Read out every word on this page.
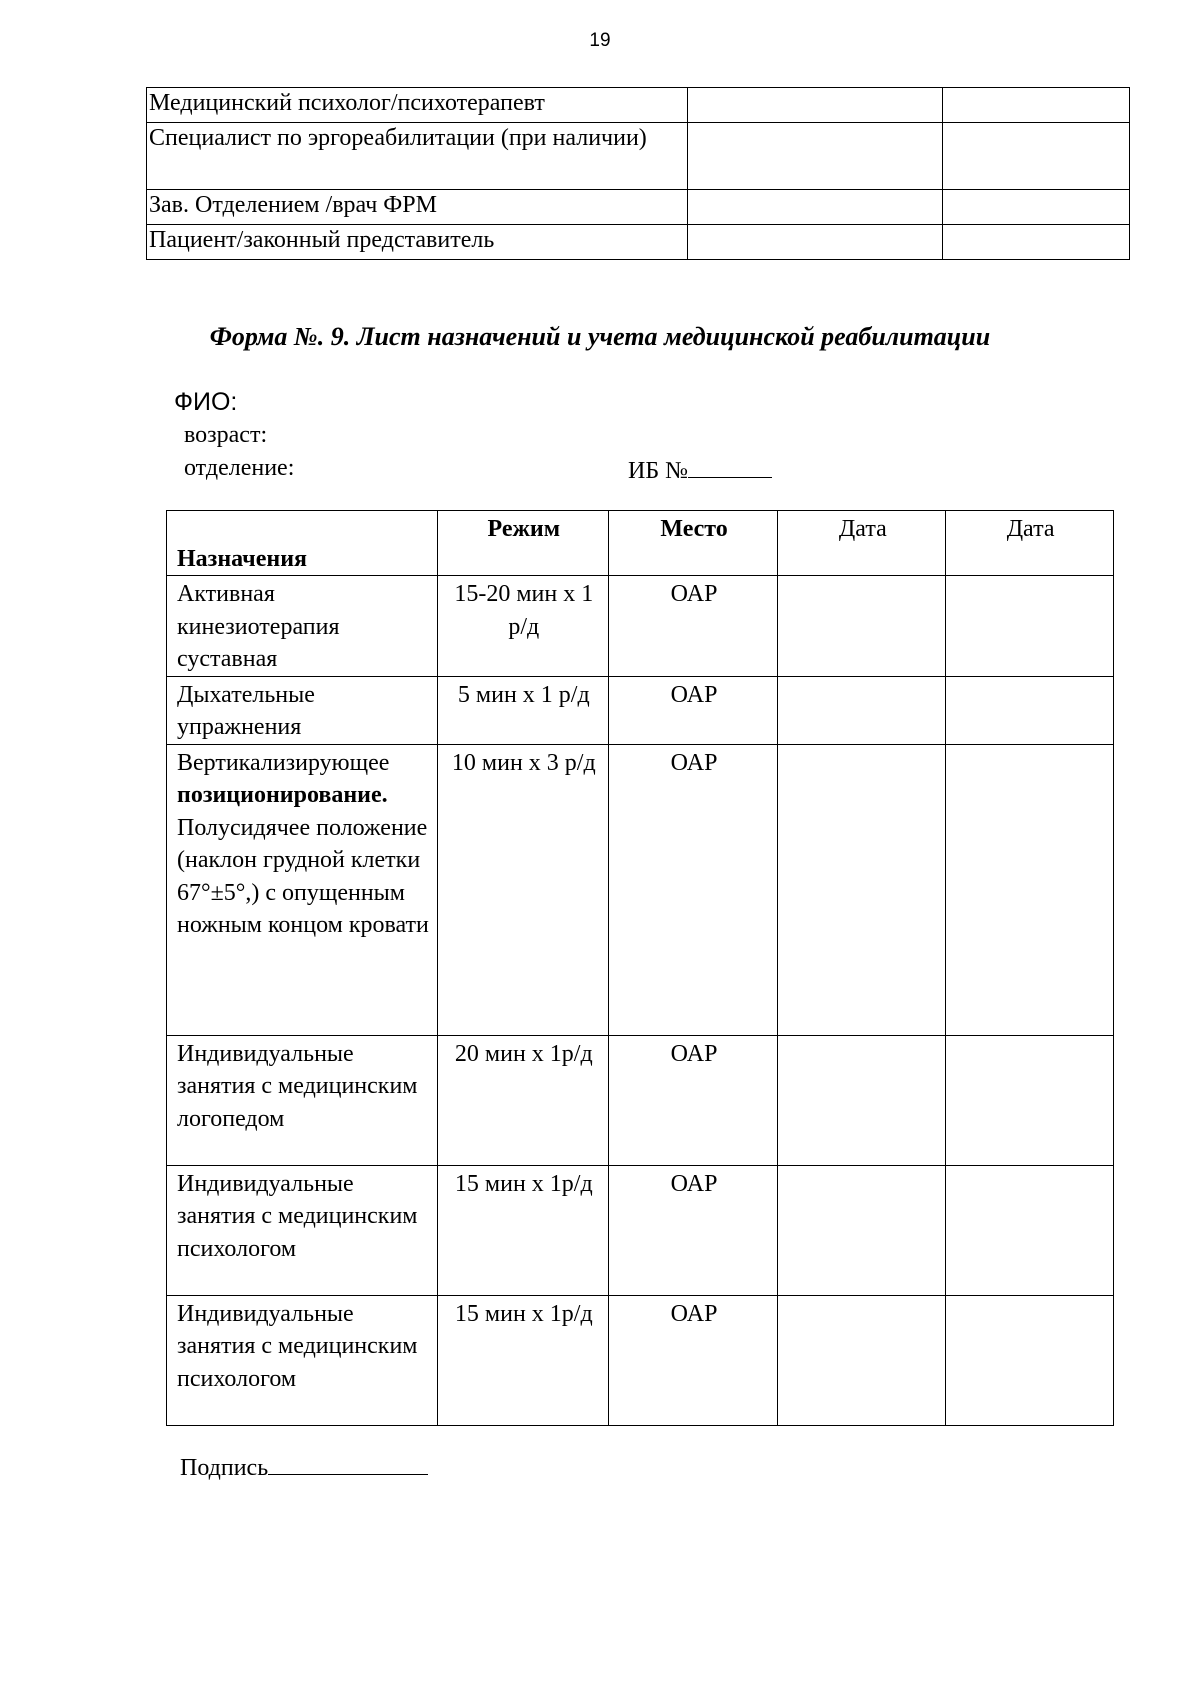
19
Медицинский психолог/психотерапевт		
Специалист по эргореабилитации (при наличии)		
Зав. Отделением /врач ФРМ		
Пациент/законный представитель		
Форма №. 9. Лист назначений и учета медицинской реабилитации
ФИО:
возраст:
отделение:	ИБ №
Назначения	Режим	Место	Дата	Дата
Активная кинезиотерапия суставная	15-20 мин х 1 р/д	ОАР		
Дыхательные упражнения	5 мин х 1 р/д	ОАР		
Вертикализирующее позиционирование. Полусидячее положение (наклон грудной клетки 67°±5°,) с опущенным ножным концом кровати	10 мин х 3 р/д	ОАР		
Индивидуальные занятия с медицинским логопедом	20 мин х 1р/д	ОАР		
Индивидуальные занятия с медицинским психологом	15 мин х 1р/д	ОАР		
Индивидуальные занятия с медицинским психологом	15 мин х 1р/д	ОАР		
Подпись
